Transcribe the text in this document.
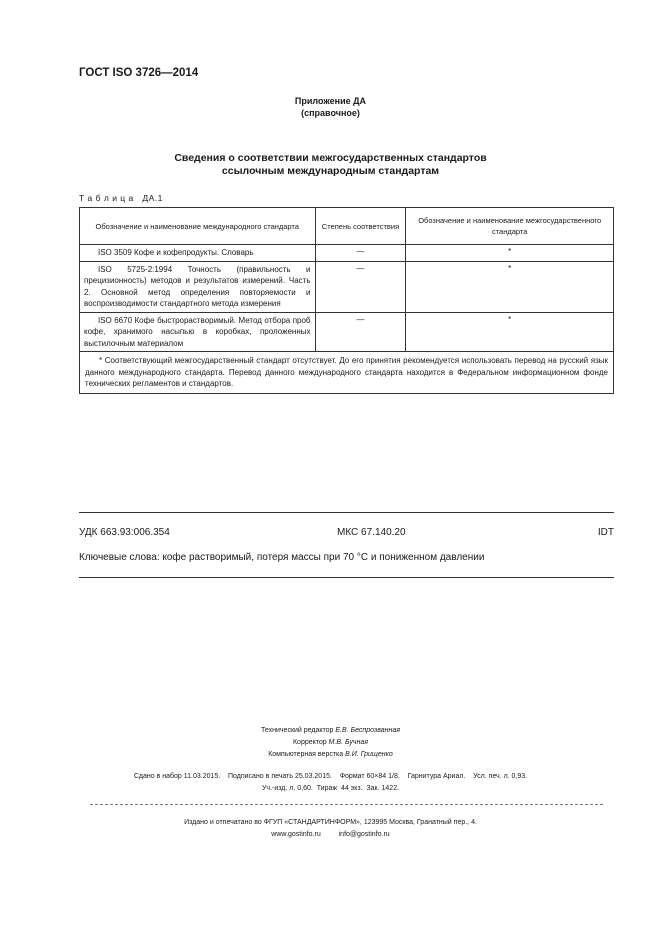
ГОСТ ISO 3726—2014
Приложение ДА
(справочное)
Сведения о соответствии межгосударственных стандартов
ссылочным международным стандартам
Т а б л и ц а   ДА.1
Обозначение и наименование международного стандарта	Степень соответствия	Обозначение и наименование межгосударственного стандарта
ISO 3509 Кофе и кофепродукты. Словарь	—	*
ISO 5725-2:1994 Точность (правильность и прецизионность) методов и результатов измерений. Часть 2. Основной метод определения повторяемости и воспроизводимости стандартного метода измерения	—	*
ISO 6670 Кофе быстрорастворимый. Метод отбора проб кофе, хранимого насыпью в коробках, проложенных выстилочным материалом	—	*
* Соответствующий межгосударственный стандарт отсутствует. До его принятия рекомендуется использовать перевод на русский язык данного международного стандарта. Перевод данного международного стандарта находится в Федеральном информационном фонде технических регламентов и стандартов.		
УДК 663.93:006.354	МКС 67.140.20	IDT
Ключевые слова: кофе растворимый, потеря массы при 70 °С и пониженном давлении
Технический редактор Е.В. Беспрозванная
Корректор М.В. Бучная
Компьютерная верстка В.И. Грищенко
Сдано в набор 11.03.2015.    Подписано в печать 25.03.2015.    Формат 60×84 1/8.    Гарнитура Ариал.    Усл. печ. л. 0,93.
Уч.-изд. л. 0,60.  Тираж  44 экз.  Зак. 1422.
Издано и отпечатано во ФГУП «СТАНДАРТИНФОРМ», 123995 Москва, Гранатный пер., 4.
www.gostinfo.ru	info@gostinfo.ru
